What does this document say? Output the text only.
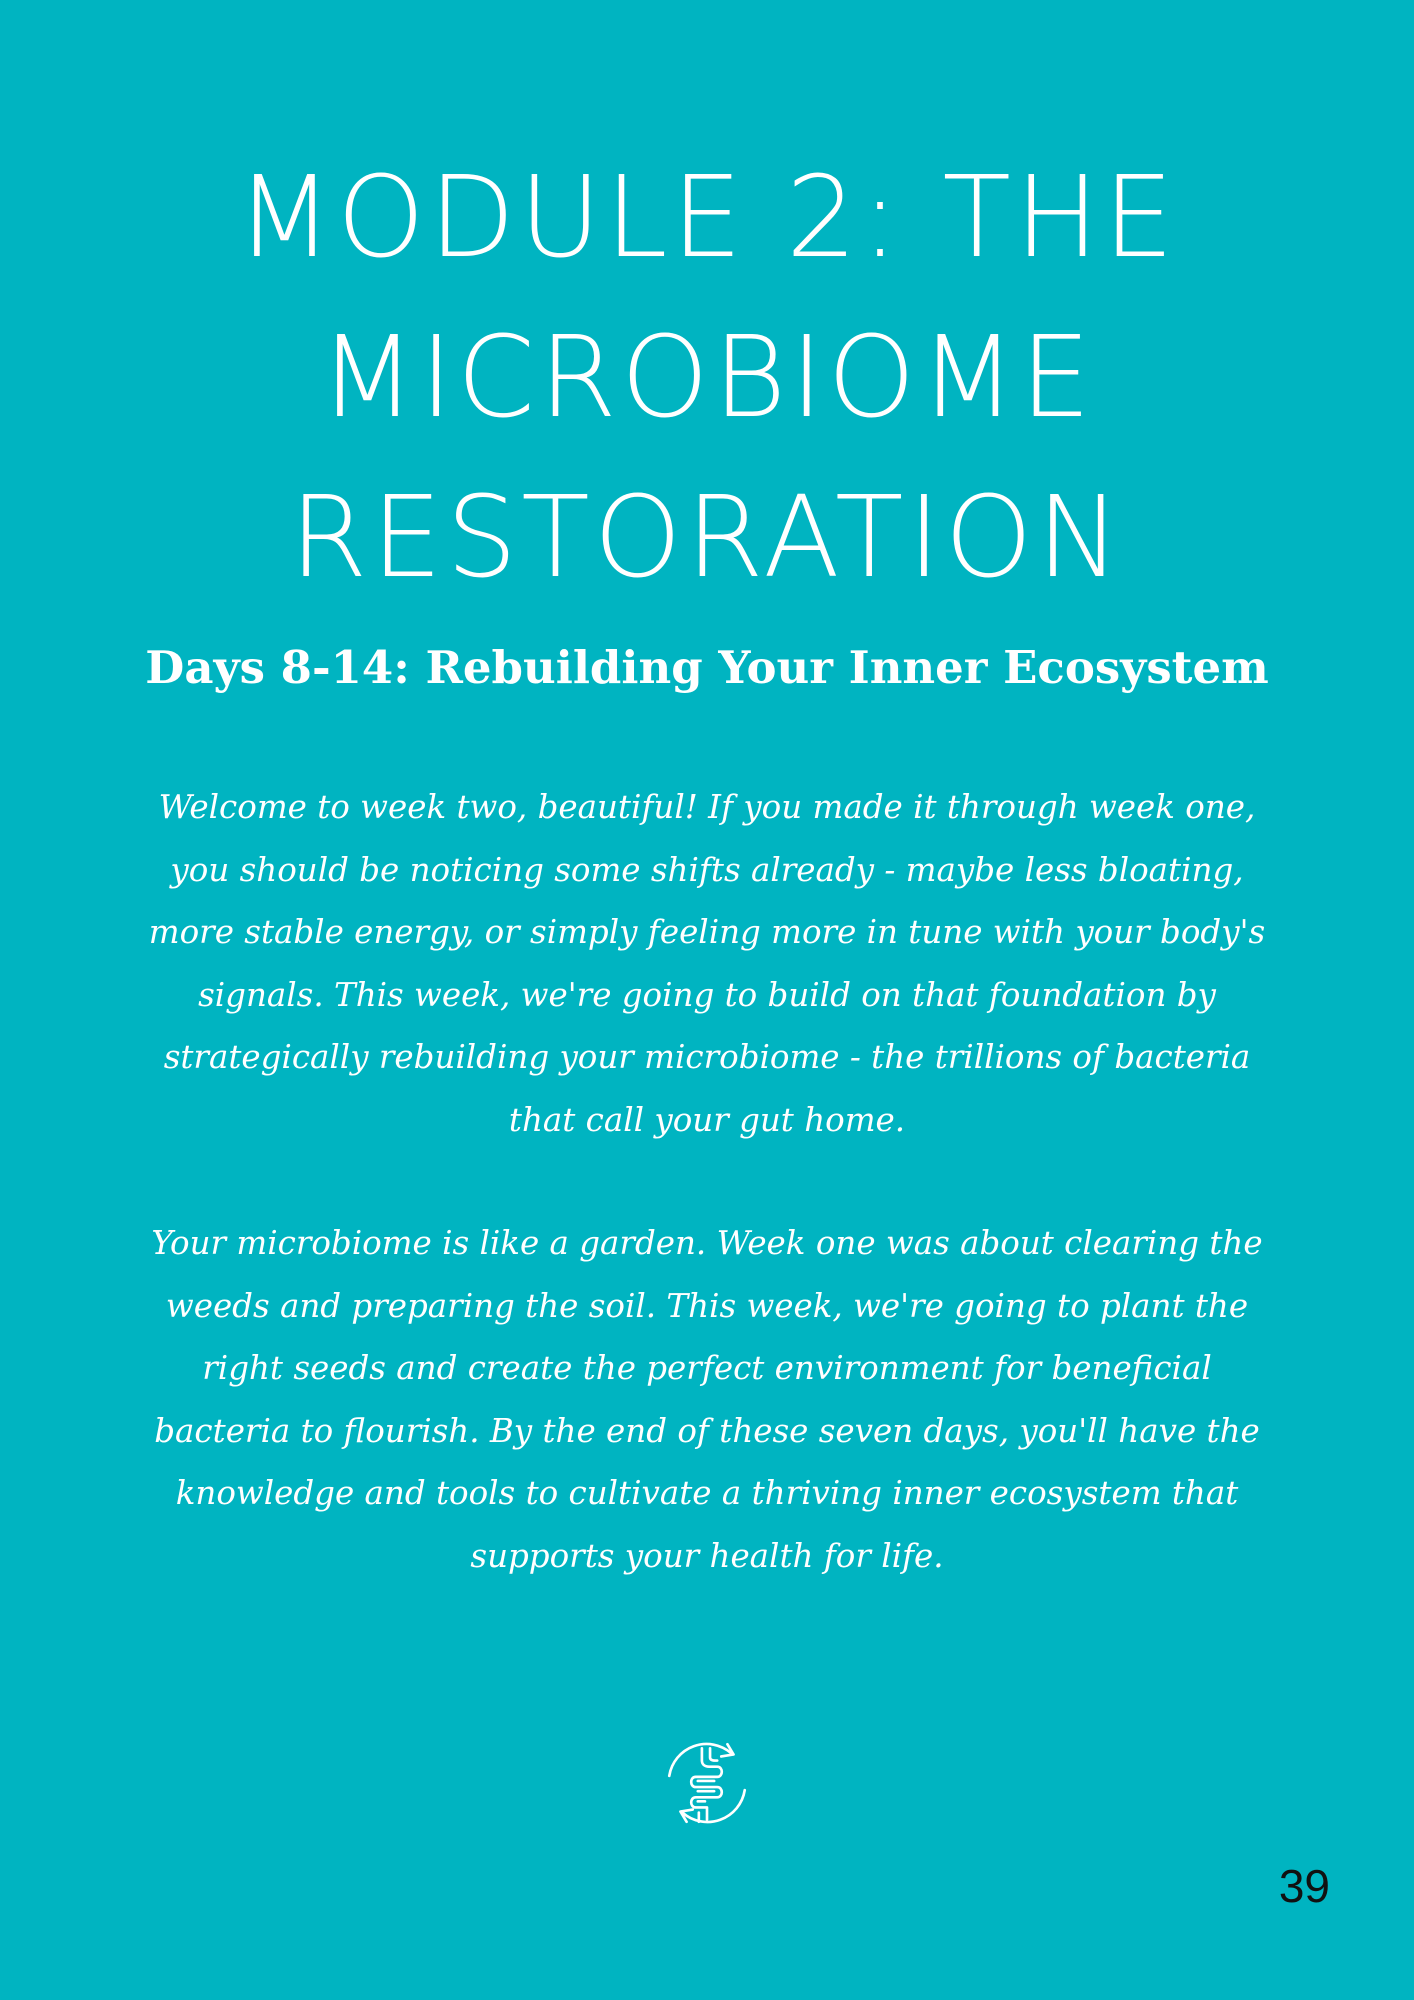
MODULE 2: THE
MICROBIOME
RESTORATION
Days 8-14: Rebuilding Your Inner Ecosystem

Welcome to week two, beautiful! If you made it through week one, you should be noticing some shifts already - maybe less bloating, more stable energy, or simply feeling more in tune with your body's signals. This week, we're going to build on that foundation by strategically rebuilding your microbiome - the trillions of bacteria that call your gut home.

Your microbiome is like a garden. Week one was about clearing the weeds and preparing the soil. This week, we're going to plant the right seeds and create the perfect environment for beneficial bacteria to flourish. By the end of these seven days, you'll have the knowledge and tools to cultivate a thriving inner ecosystem that supports your health for life.

39
